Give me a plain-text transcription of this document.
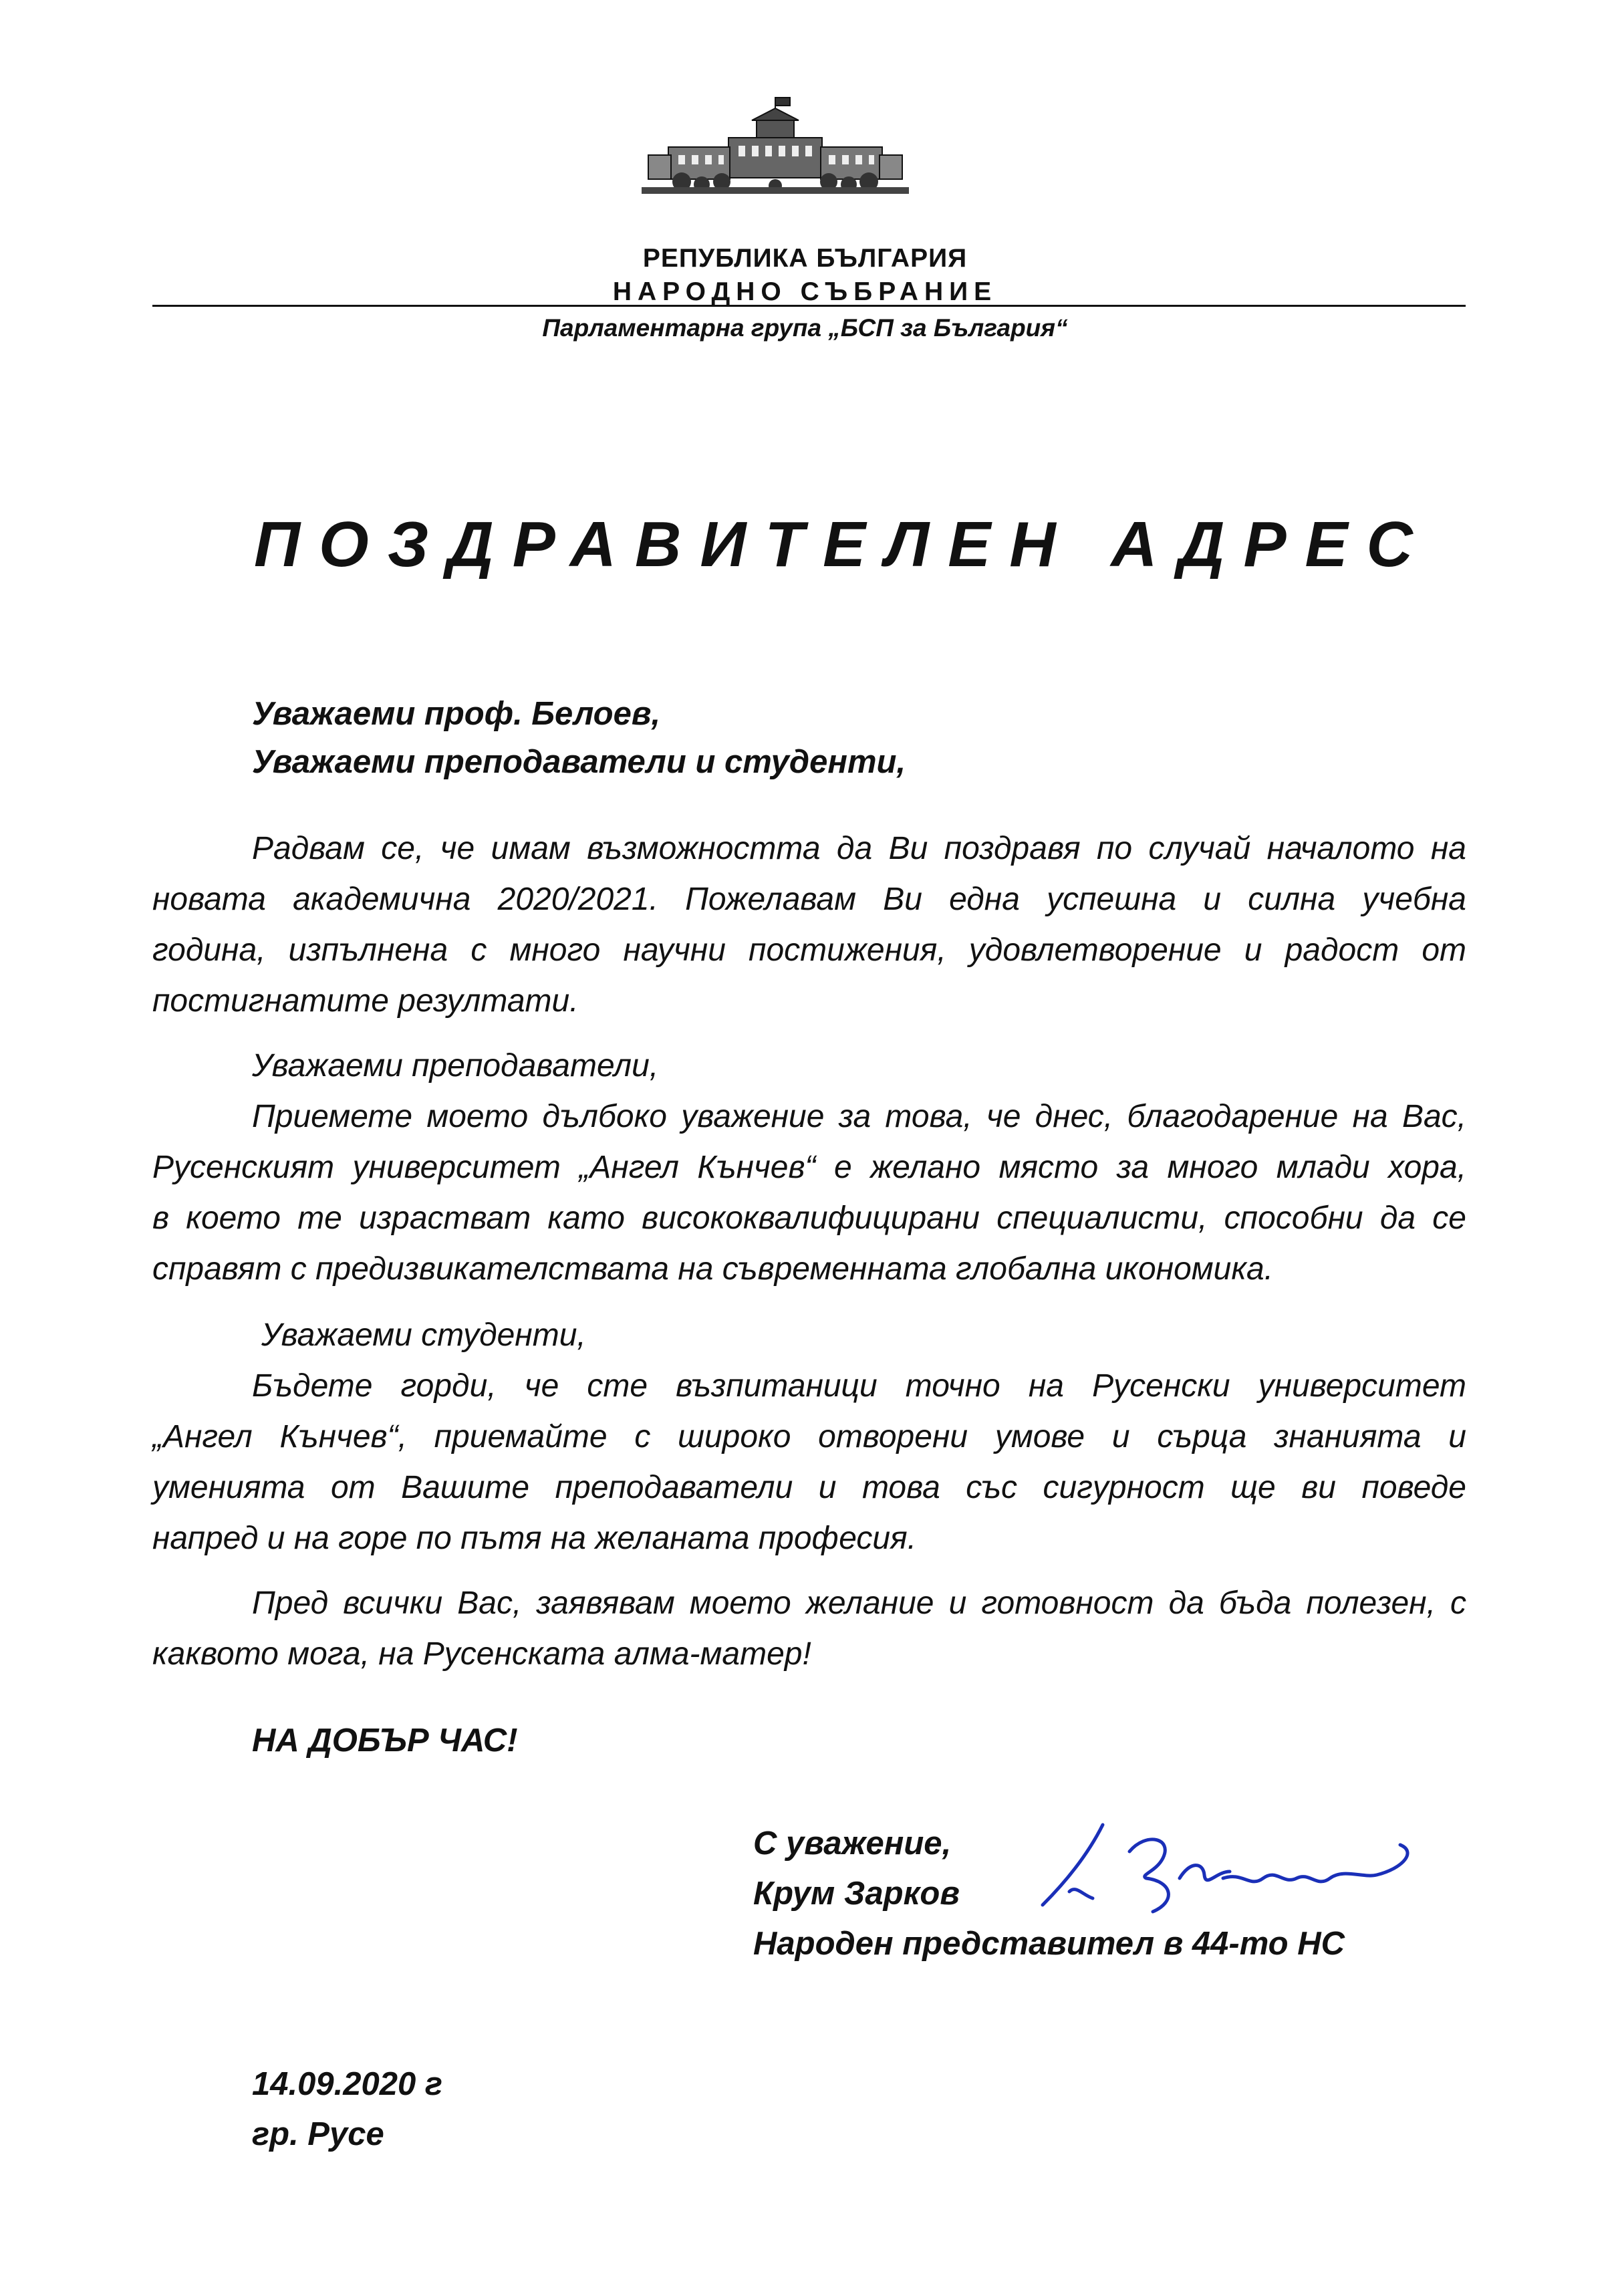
РЕПУБЛИКА БЪЛГАРИЯ
НАРОДНО СЪБРАНИЕ
Парламентарна група „БСП за България“
ПОЗДРАВИТЕЛЕН АДРЕС
Уважаеми проф. Белоев,
Уважаеми преподаватели и студенти,
Радвам се, че имам възможността да Ви поздравя по случай началото на
новата академична 2020/2021. Пожелавам Ви една успешна и силна учебна
година, изпълнена с много научни постижения, удовлетворение и радост от
постигнатите резултати.
Уважаеми преподаватели,
Приемете моето дълбоко уважение за това, че днес, благодарение на Вас,
Русенският университет „Ангел Кънчев“ е желано място за много млади хора,
в което те израстват като висококвалифицирани специалисти, способни да се
справят с предизвикателствата на съвременната глобална икономика.
Уважаеми студенти,
Бъдете горди, че сте възпитаници точно на Русенски университет
„Ангел Кънчев“, приемайте с широко отворени умове и сърца знанията и
уменията от Вашите преподаватели и това със сигурност ще ви поведе
напред и на горе по пътя на желаната професия.
Пред всички Вас, заявявам моето желание и готовност да бъда полезен, с
каквото мога, на Русенската алма-матер!
НА ДОБЪР ЧАС!
С уважение,
Крум Зарков
Народен представител в 44-то НС
14.09.2020 г
гр. Русе
